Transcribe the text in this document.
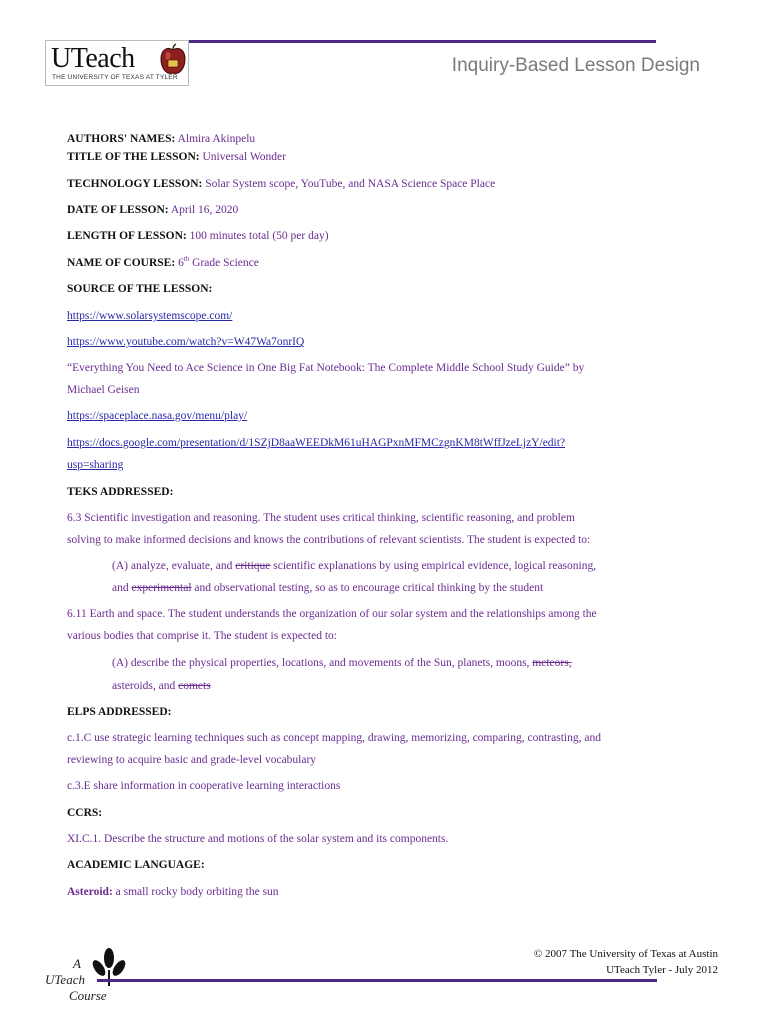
UTeach
THE UNIVERSITY OF TEXAS AT TYLER
Inquiry-Based Lesson Design
AUTHORS' NAMES: Almira Akinpelu
TITLE OF THE LESSON: Universal Wonder
TECHNOLOGY LESSON: Solar System scope, YouTube, and NASA Science Space Place
DATE OF LESSON: April 16, 2020
LENGTH OF LESSON: 100 minutes total (50 per day)
NAME OF COURSE: 6th Grade Science
SOURCE OF THE LESSON:
https://www.solarsystemscope.com/
https://www.youtube.com/watch?v=W47Wa7onrIQ
“Everything You Need to Ace Science in One Big Fat Notebook: The Complete Middle School Study Guide” by
Michael Geisen
https://spaceplace.nasa.gov/menu/play/
https://docs.google.com/presentation/d/1SZjD8aaWEEDkM61uHAGPxnMFMCzgnKM8tWffJzeLjzY/edit?
usp=sharing
TEKS ADDRESSED:
6.3 Scientific investigation and reasoning. The student uses critical thinking, scientific reasoning, and problem
solving to make informed decisions and knows the contributions of relevant scientists. The student is expected to:
(A) analyze, evaluate, and critique scientific explanations by using empirical evidence, logical reasoning,
and experimental and observational testing, so as to encourage critical thinking by the student
6.11 Earth and space. The student understands the organization of our solar system and the relationships among the
various bodies that comprise it. The student is expected to:
(A) describe the physical properties, locations, and movements of the Sun, planets, moons, meteors,
asteroids, and comets
ELPS ADDRESSED:
c.1.C use strategic learning techniques such as concept mapping, drawing, memorizing, comparing, contrasting, and
reviewing to acquire basic and grade-level vocabulary
c.3.E share information in cooperative learning interactions
CCRS:
XI.C.1. Describe the structure and motions of the solar system and its components.
ACADEMIC LANGUAGE:
Asteroid: a small rocky body orbiting the sun
A
UTeach
Course
© 2007 The University of Texas at Austin
UTeach Tyler - July 2012
